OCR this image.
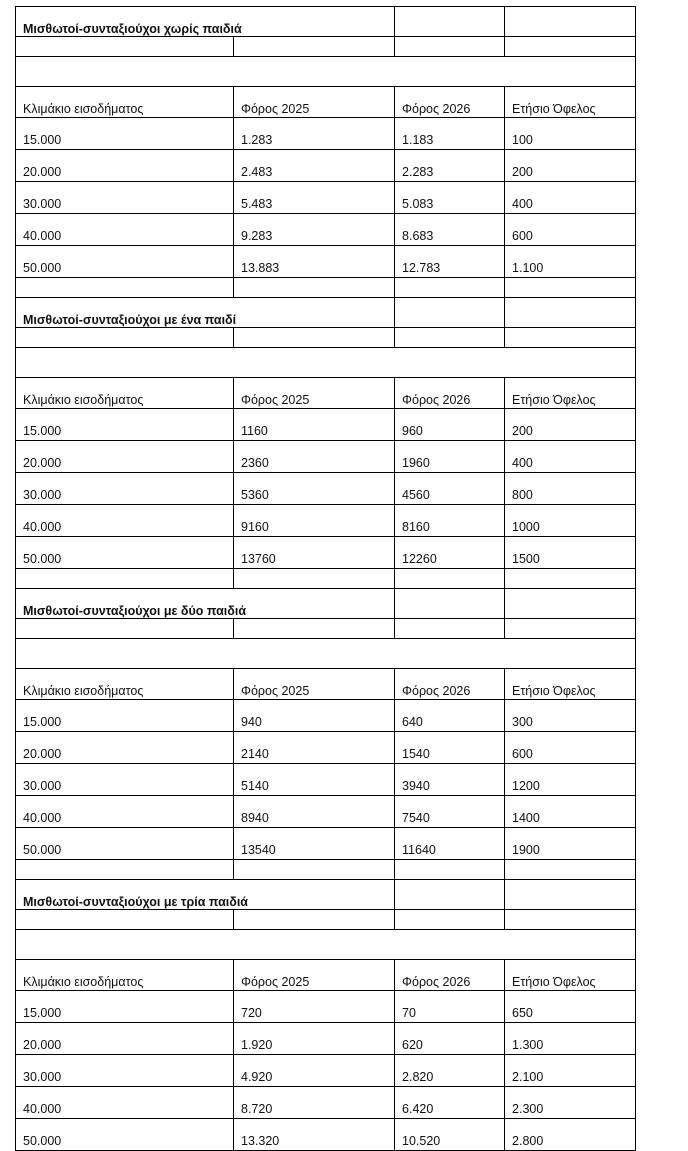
Μισθωτοί-συνταξιούχοι χωρίς παιδιά			

Κλιμάκιο εισοδήματος	Φόρος 2025	Φόρος 2026	Ετήσιο Όφελος
15.000	1.283	1.183	100
20.000	2.483	2.283	200
30.000	5.483	5.083	400
40.000	9.283	8.683	600
50.000	13.883	12.783	1.100

Μισθωτοί-συνταξιούχοι με ένα παιδί			

Κλιμάκιο εισοδήματος	Φόρος 2025	Φόρος 2026	Ετήσιο Όφελος
15.000	1160	960	200
20.000	2360	1960	400
30.000	5360	4560	800
40.000	9160	8160	1000
50.000	13760	12260	1500

Μισθωτοί-συνταξιούχοι με δύο παιδιά			

Κλιμάκιο εισοδήματος	Φόρος 2025	Φόρος 2026	Ετήσιο Όφελος
15.000	940	640	300
20.000	2140	1540	600
30.000	5140	3940	1200
40.000	8940	7540	1400
50.000	13540	11640	1900

Μισθωτοί-συνταξιούχοι με τρία παιδιά			

Κλιμάκιο εισοδήματος	Φόρος 2025	Φόρος 2026	Ετήσιο Όφελος
15.000	720	70	650
20.000	1.920	620	1.300
30.000	4.920	2.820	2.100
40.000	8.720	6.420	2.300
50.000	13.320	10.520	2.800
